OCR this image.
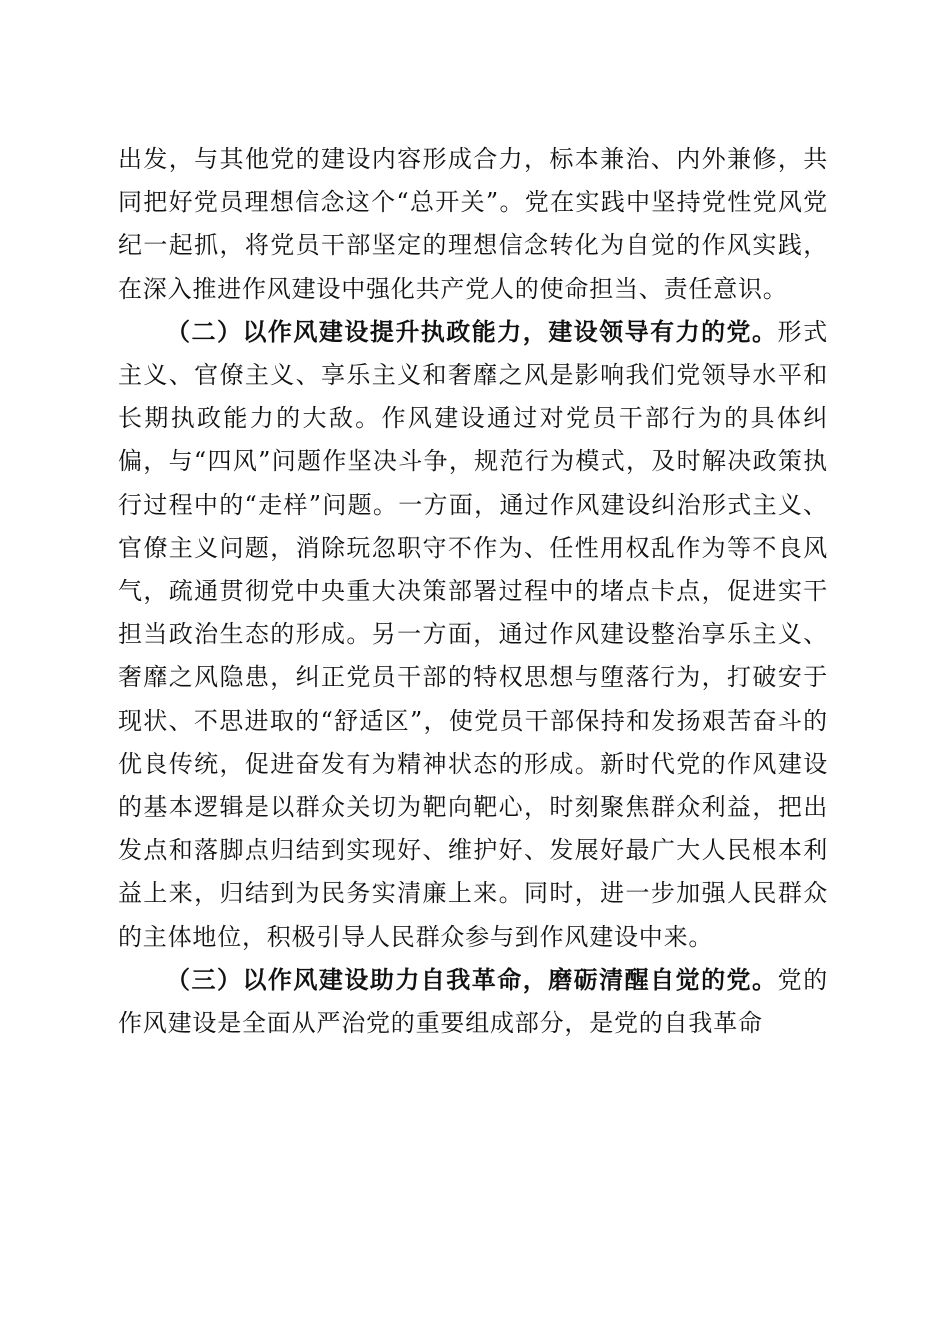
出发，与其他党的建设内容形成合力，标本兼治、内外兼修，共同把好党员理想信念这个“总开关”。党在实践中坚持党性党风党纪一起抓，将党员干部坚定的理想信念转化为自觉的作风实践，在深入推进作风建设中强化共产党人的使命担当、责任意识。

（二）以作风建设提升执政能力，建设领导有力的党。形式主义、官僚主义、享乐主义和奢靡之风是影响我们党领导水平和长期执政能力的大敌。作风建设通过对党员干部行为的具体纠偏，与“四风”问题作坚决斗争，规范行为模式，及时解决政策执行过程中的“走样”问题。一方面，通过作风建设纠治形式主义、官僚主义问题，消除玩忽职守不作为、任性用权乱作为等不良风气，疏通贯彻党中央重大决策部署过程中的堵点卡点，促进实干担当政治生态的形成。另一方面，通过作风建设整治享乐主义、奢靡之风隐患，纠正党员干部的特权思想与堕落行为，打破安于现状、不思进取的“舒适区”，使党员干部保持和发扬艰苦奋斗的优良传统，促进奋发有为精神状态的形成。新时代党的作风建设的基本逻辑是以群众关切为靶向靶心，时刻聚焦群众利益，把出发点和落脚点归结到实现好、维护好、发展好最广大人民根本利益上来，归结到为民务实清廉上来。同时，进一步加强人民群众的主体地位，积极引导人民群众参与到作风建设中来。

（三）以作风建设助力自我革命，磨砺清醒自觉的党。党的作风建设是全面从严治党的重要组成部分，是党的自我革命
